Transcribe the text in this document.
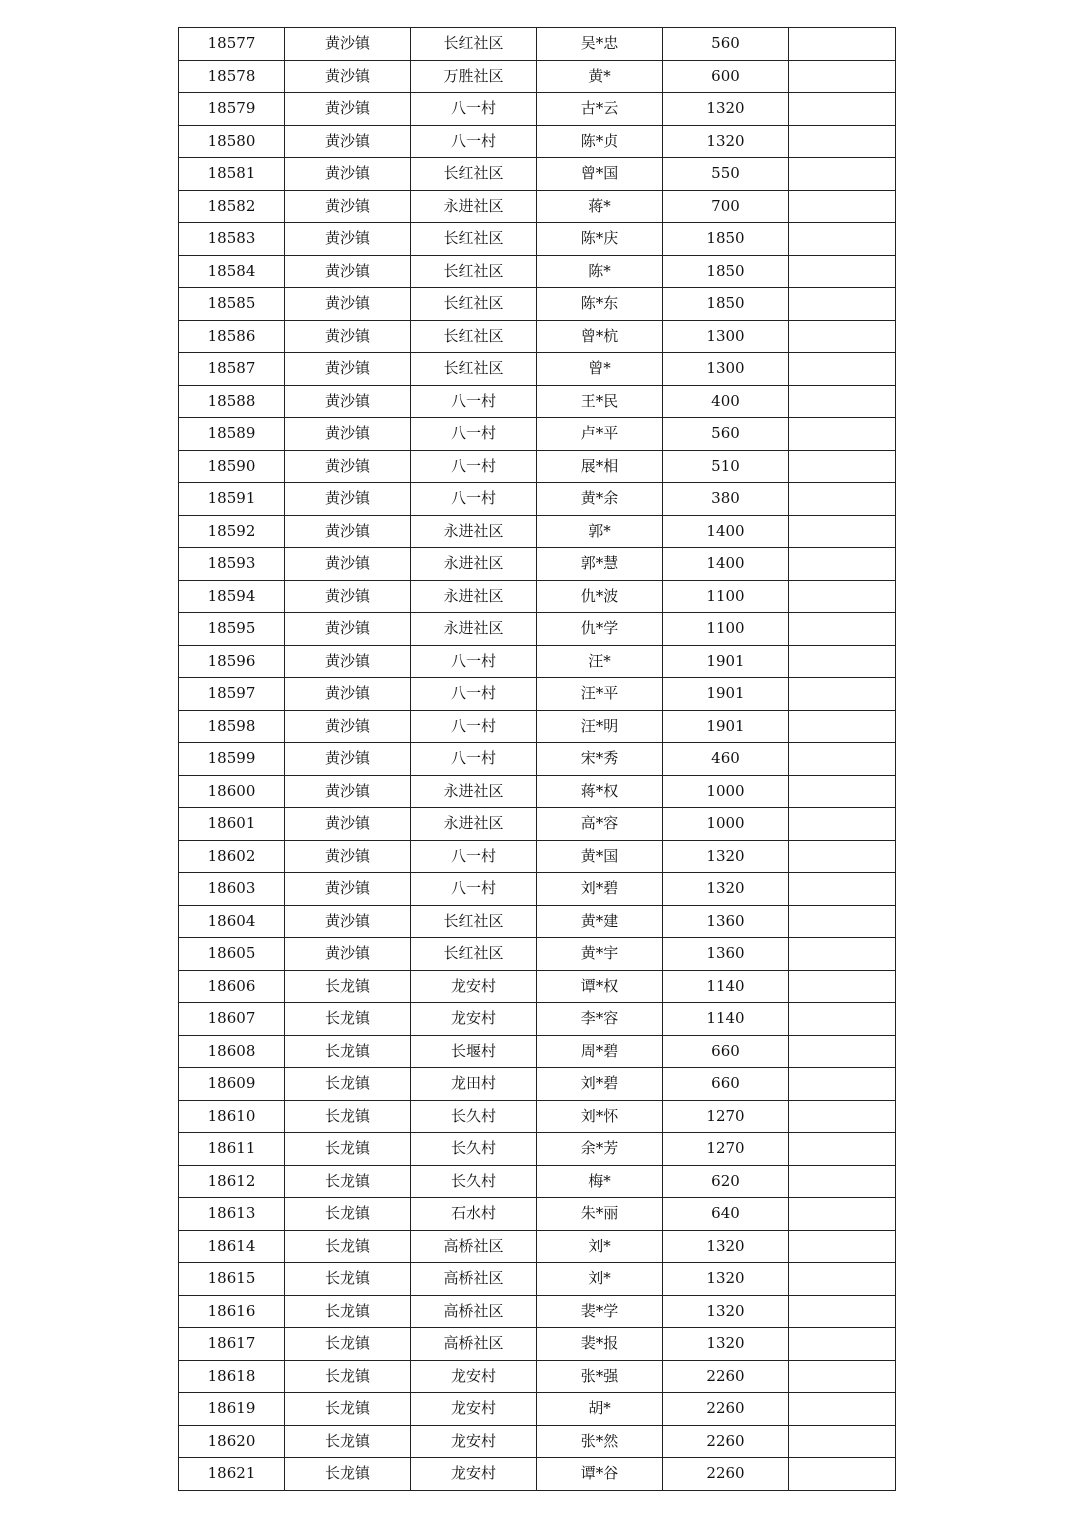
18577	黄沙镇	长红社区	吴*忠	560	
18578	黄沙镇	万胜社区	黄*	600	
18579	黄沙镇	八一村	古*云	1320	
18580	黄沙镇	八一村	陈*贞	1320	
18581	黄沙镇	长红社区	曾*国	550	
18582	黄沙镇	永进社区	蒋*	700	
18583	黄沙镇	长红社区	陈*庆	1850	
18584	黄沙镇	长红社区	陈*	1850	
18585	黄沙镇	长红社区	陈*东	1850	
18586	黄沙镇	长红社区	曾*杭	1300	
18587	黄沙镇	长红社区	曾*	1300	
18588	黄沙镇	八一村	王*民	400	
18589	黄沙镇	八一村	卢*平	560	
18590	黄沙镇	八一村	展*相	510	
18591	黄沙镇	八一村	黄*余	380	
18592	黄沙镇	永进社区	郭*	1400	
18593	黄沙镇	永进社区	郭*慧	1400	
18594	黄沙镇	永进社区	仇*波	1100	
18595	黄沙镇	永进社区	仇*学	1100	
18596	黄沙镇	八一村	汪*	1901	
18597	黄沙镇	八一村	汪*平	1901	
18598	黄沙镇	八一村	汪*明	1901	
18599	黄沙镇	八一村	宋*秀	460	
18600	黄沙镇	永进社区	蒋*权	1000	
18601	黄沙镇	永进社区	高*容	1000	
18602	黄沙镇	八一村	黄*国	1320	
18603	黄沙镇	八一村	刘*碧	1320	
18604	黄沙镇	长红社区	黄*建	1360	
18605	黄沙镇	长红社区	黄*宇	1360	
18606	长龙镇	龙安村	谭*权	1140	
18607	长龙镇	龙安村	李*容	1140	
18608	长龙镇	长堰村	周*碧	660	
18609	长龙镇	龙田村	刘*碧	660	
18610	长龙镇	长久村	刘*怀	1270	
18611	长龙镇	长久村	余*芳	1270	
18612	长龙镇	长久村	梅*	620	
18613	长龙镇	石水村	朱*丽	640	
18614	长龙镇	高桥社区	刘*	1320	
18615	长龙镇	高桥社区	刘*	1320	
18616	长龙镇	高桥社区	裴*学	1320	
18617	长龙镇	高桥社区	裴*报	1320	
18618	长龙镇	龙安村	张*强	2260	
18619	长龙镇	龙安村	胡*	2260	
18620	长龙镇	龙安村	张*然	2260	
18621	长龙镇	龙安村	谭*谷	2260	
